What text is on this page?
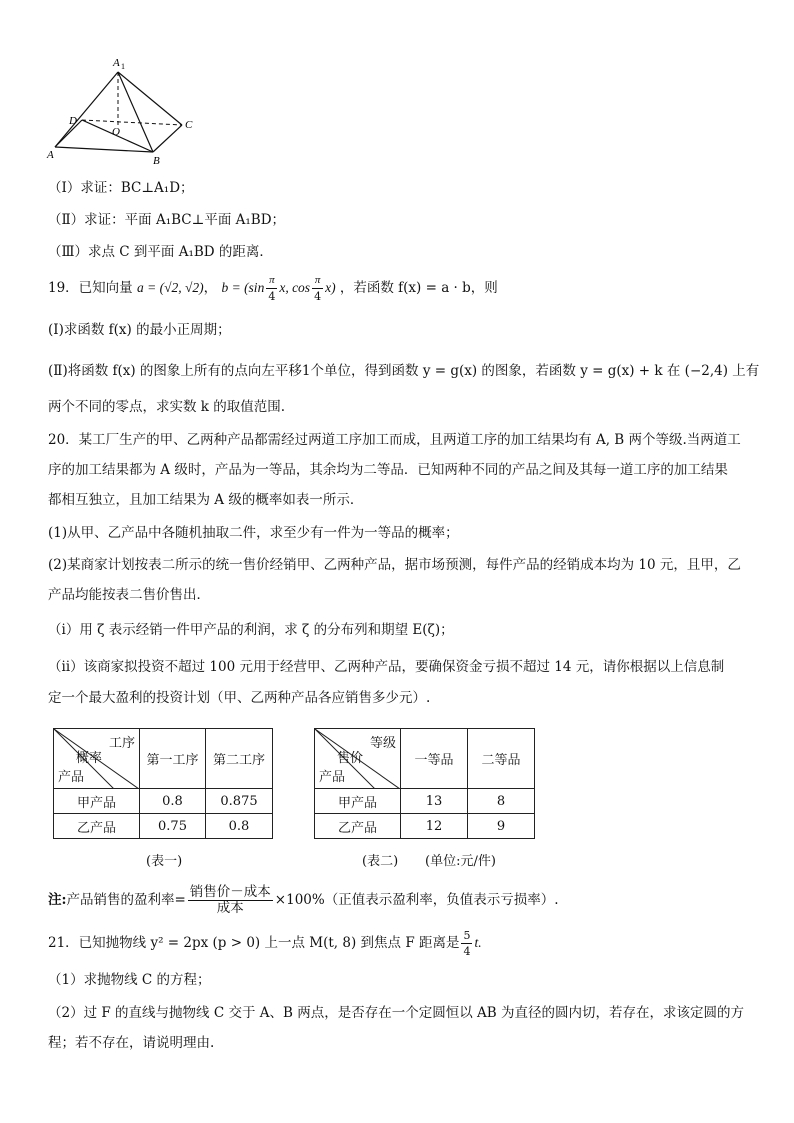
A 1
D
O
C
A	B
（Ⅰ）求证：BC⊥A₁D；
（Ⅱ）求证：平面 A₁BC⊥平面 A₁BD；
（Ⅲ）求点 C 到平面 A₁BD 的距离．
19．已知向量 a = (√2, √2)， $b = (\sin \frac{\pi}{4} x$, $\cos \frac{\pi}{4} x$) ，若函数 f(x) = a · b，则
(Ⅰ)求函数 f(x) 的最小正周期；
(Ⅱ)将函数 f(x) 的图象上所有的点向左平移1个单位，得到函数 y = g(x) 的图象，若函数 y = g(x) + k 在 (−2,4) 上有
两个不同的零点，求实数 k 的取值范围.
20．某工厂生产的甲、乙两种产品都需经过两道工序加工而成，且两道工序的加工结果均有 A, B 两个等级.当两道工
序的加工结果都为 A 级时，产品为一等品，其余均为二等品．已知两种不同的产品之间及其每一道工序的加工结果
都相互独立，且加工结果为 A 级的概率如表一所示．
(1)从甲、乙产品中各随机抽取二件，求至少有一件为一等品的概率；
(2)某商家计划按表二所示的统一售价经销甲、乙两种产品，据市场预测，每件产品的经销成本均为 10 元，且甲，乙
产品均能按表二售价售出．
（ⅰ）用 ζ 表示经销一件甲产品的利润，求 ζ 的分布列和期望 E(ζ)；
（ⅱ）该商家拟投资不超过 100 元用于经营甲、乙两种产品，要确保资金亏损不超过 14 元，请你根据以上信息制
定一个最大盈利的投资计划（甲、乙两种产品各应销售多少元）.
工序
概率
产品	第一工序	第二工序
甲产品	0.8	0.875
乙产品	0.75	0.8
(表一)
等级
售价
产品	一等品	二等品
甲产品	13	8
乙产品	12	9
(表二) (单位:元/件)
注:产品销售的盈利率= $\frac{\text{销售价－成本}}{\text{成本}} \times 100\%$（正值表示盈利率，负值表示亏损率）.
21．已知抛物线 y² = 2px (p > 0) 上一点 M(t, 8) 到焦点 F 距离是 $\frac{5}{4} t$.
（1）求抛物线 C 的方程；
（2）过 F 的直线与抛物线 C 交于 A、B 两点，是否存在一个定圆恒以 AB 为直径的圆内切，若存在，求该定圆的方
程；若不存在，请说明理由.
